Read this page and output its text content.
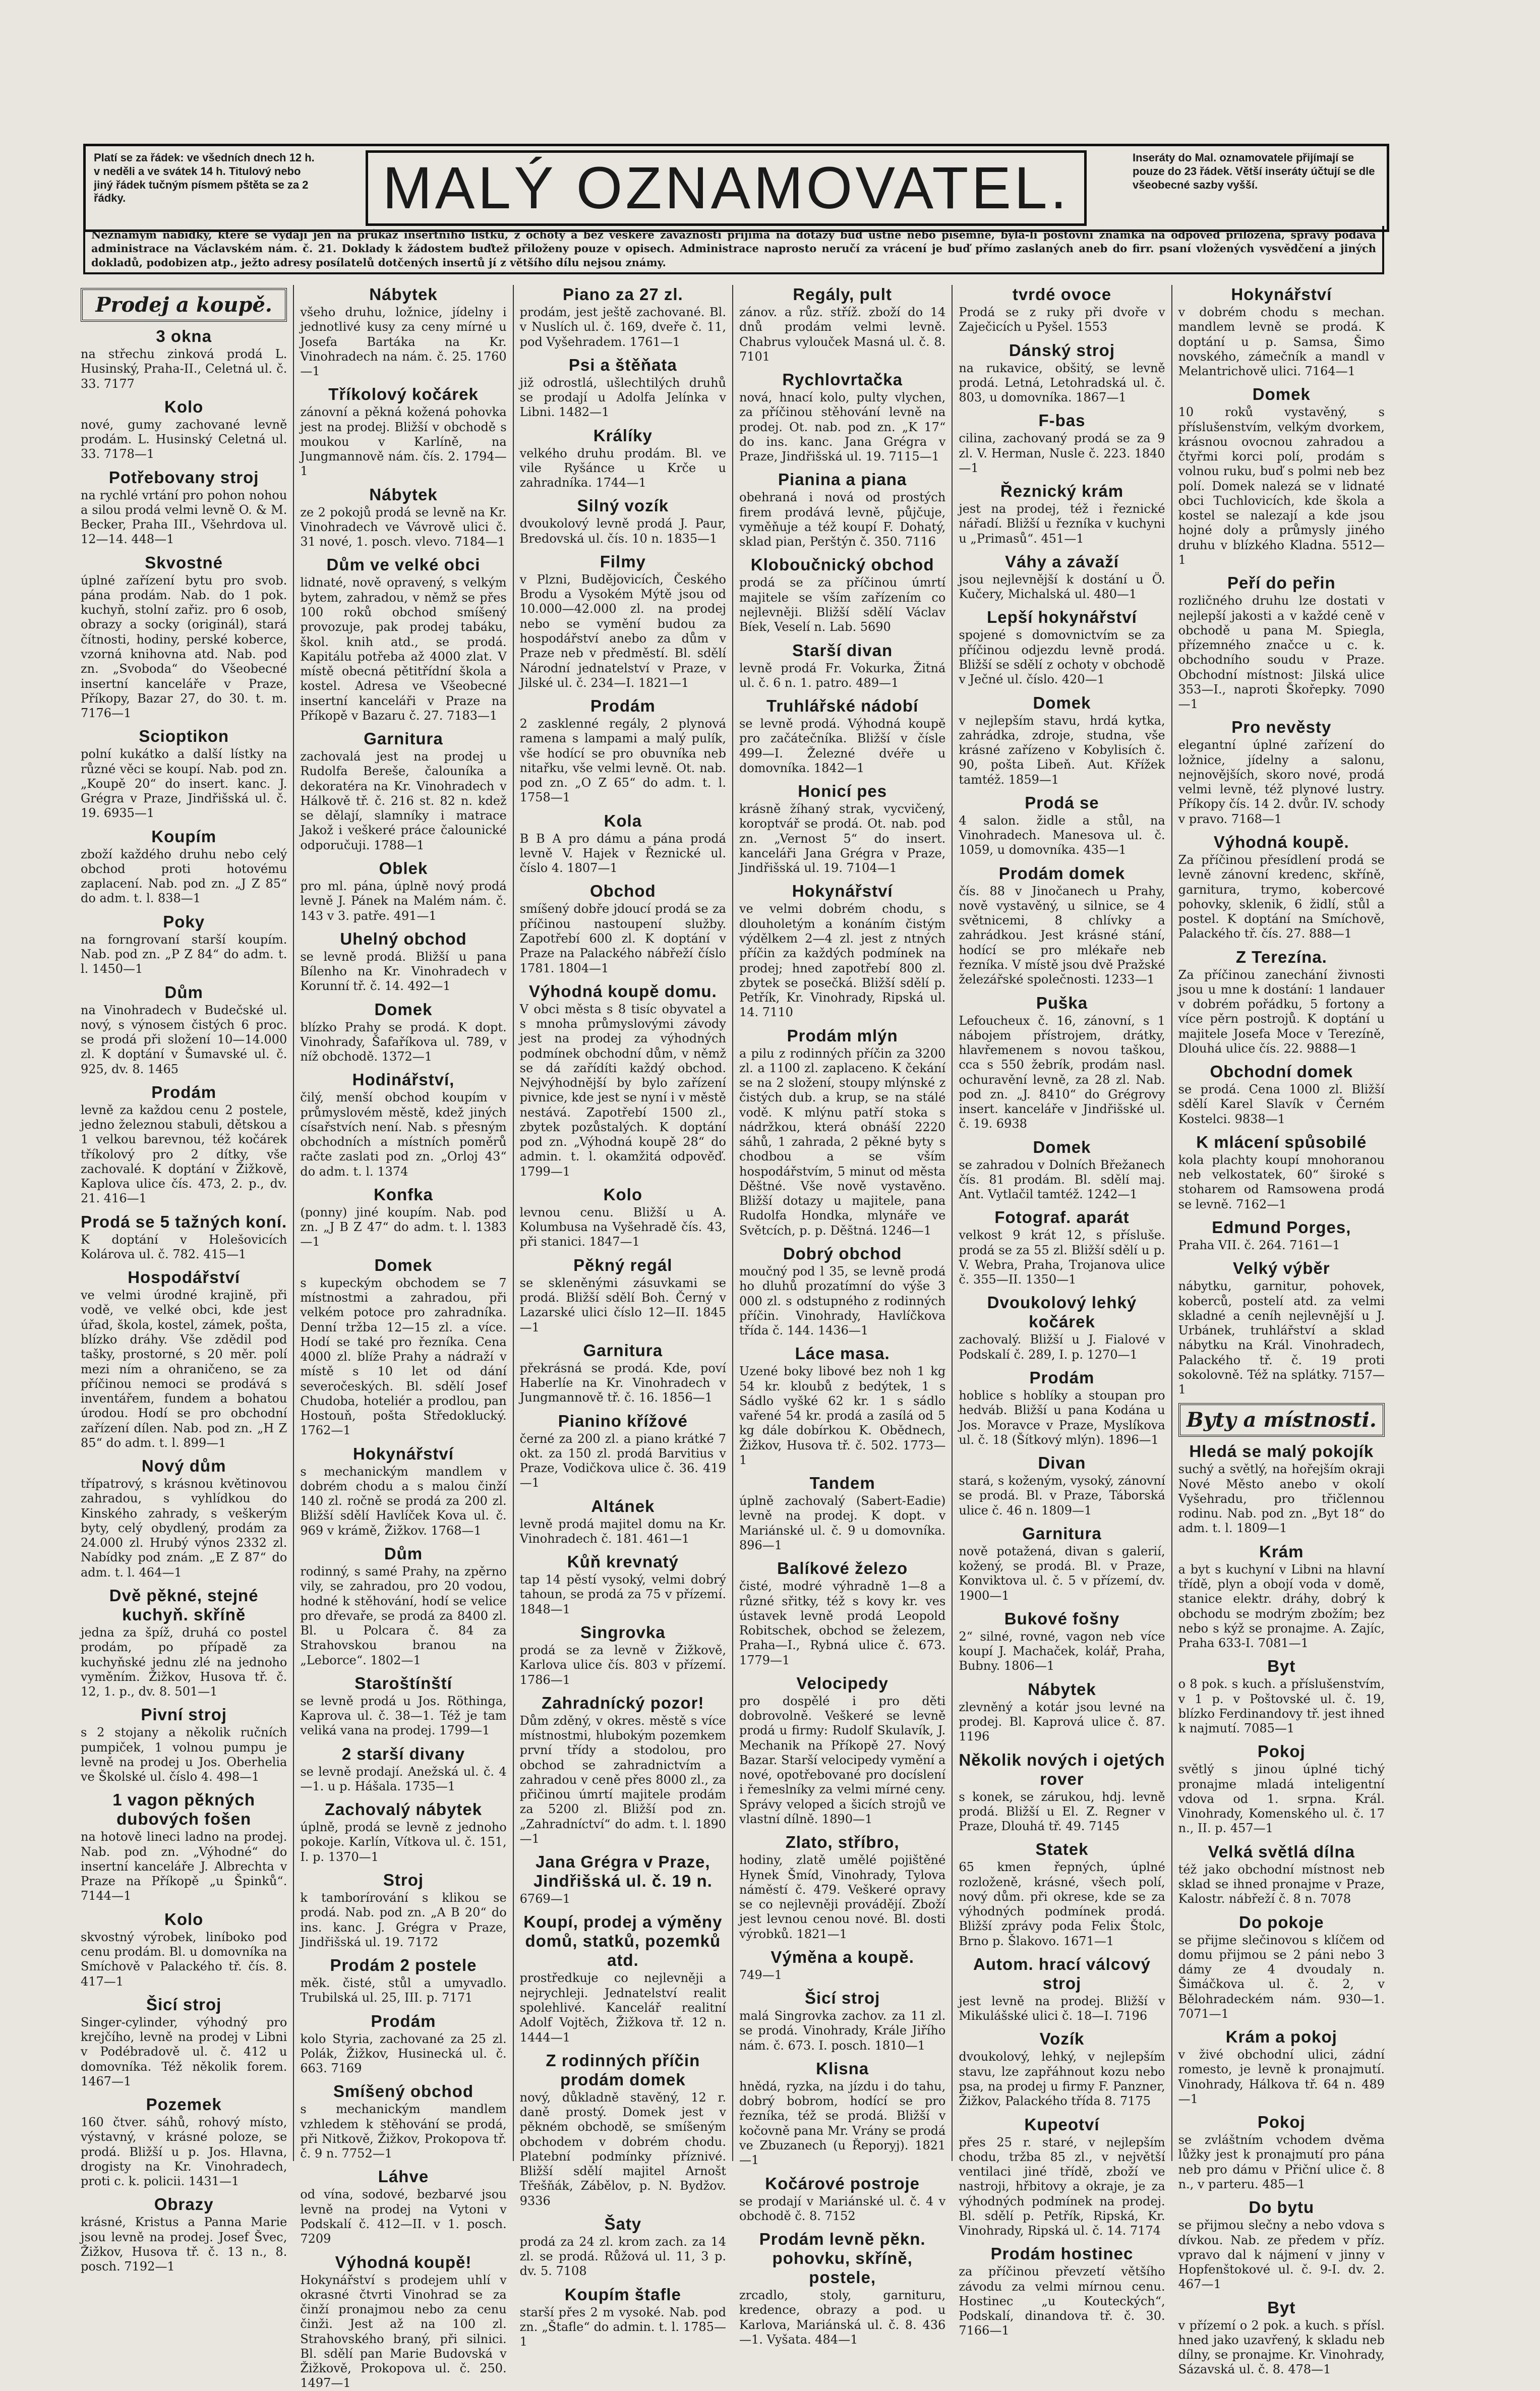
Platí se za řádek: ve všedních dnech 12 h. v neděli a ve svátek 14 h. Titulový nebo jiný řádek tučným písmem pštěta se za 2 řádky.	MALÝ OZNAMOVATEL.	Inseráty do Mal. oznamovatele přijímají se pouze do 23 řádek. Větší inseráty účtují se dle všeobecné sazby vyšší.
Neznámým nabídky, které se vydají jen na průkaz insertního lístku, z ochoty a bez veškeré závaznosti přijímá na dotazy buď ústně nebo písemně, byla-li poštovní známka na odpověď přiložena, správy podává administrace na Václavském nám. č. 21. Doklady k žádostem buďtež přiloženy pouze v opisech. Administrace naprosto neručí za vrácení je buď přímo zaslaných aneb do firr. psaní vložených vysvědčení a jiných dokladů, podobizen atp., ježto adresy posílatelů dotčených insertů jí z většího dílu nejsou známy.
Prodej a koupě.
3 okna

na střechu zinková prodá L. Husinský, Praha-II., Celetná ul. č. 33. 7177

Kolo

nové, gumy zachované levně prodám. L. Husinský Celetná ul. 33. 7178—1

Potřebovany stroj

na rychlé vrtání pro pohon nohou a silou prodá velmi levně O. & M. Becker, Praha III., Všehrdova ul. 12—14. 448—1

Skvostné

úplné zařízení bytu pro svob. pána prodám. Nab. do 1 pok. kuchyň, stolní zařiz. pro 6 osob, obrazy a socky (originál), stará čítnosti, hodiny, perské koberce, vzorná knihovna atd. Nab. pod zn. „Svoboda“ do Všeobecné insertní kanceláře v Praze, Příkopy, Bazar 27, do 30. t. m. 7176—1

Scioptikon

polní kukátko a další lístky na různé věci se koupí. Nab. pod zn. „Koupě 20“ do insert. kanc. J. Grégra v Praze, Jindřišská ul. č. 19. 6935—1

Koupím

zboží každého druhu nebo celý obchod proti hotovému zaplacení. Nab. pod zn. „J Z 85“ do adm. t. l. 838—1

Poky

na forngrovaní starší koupím. Nab. pod zn. „P Z 84“ do adm. t. l. 1450—1

Dům

na Vinohradech v Budečské ul. nový, s výnosem čistých 6 proc. se prodá při složení 10—14.000 zl. K doptání v Šumavské ul. č. 925, dv. 8. 1465

Prodám

levně za každou cenu 2 postele, jedno železnou stabuli, dětskou a 1 velkou barevnou, též kočárek tříkolový pro 2 dítky, vše zachovalé. K doptání v Žižkově, Kaplova ulice čís. 473, 2. p., dv. 21. 416—1

Prodá se 5 tažných koní.

K doptání v Holešovicích Kolárova ul. č. 782. 415—1

Hospodářství

ve velmi úrodné krajině, při vodě, ve velké obci, kde jest úřad, škola, kostel, zámek, pošta, blízko dráhy. Vše zdědil pod tašky, prostorné, s 20 měr. polí mezi ním a ohraničeno, se za příčinou nemoci se prodává s inventářem, fundem a bohatou úrodou. Hodí se pro obchodní zařízení dílen. Nab. pod zn. „H Z 85“ do adm. t. l. 899—1

Nový dům

třípatrový, s krásnou květinovou zahradou, s vyhlídkou do Kinského zahrady, s veškerým byty, celý obydlený, prodám za 24.000 zl. Hrubý výnos 2332 zl. Nabídky pod znám. „E Z 87“ do adm. t. l. 464—1

Dvě pěkné, stejné kuchyň. skříně

jedna za špíž, druhá co postel prodám, po případě za kuchyňské jednu zlé na jednoho vyměním. Žižkov, Husova tř. č. 12, 1. p., dv. 8. 501—1

Pivní stroj

s 2 stojany a několik ručních pumpiček, 1 volnou pumpu je levně na prodej u Jos. Oberhelia ve Školské ul. číslo 4. 498—1

1 vagon pěkných dubových fošen

na hotově lineci ladno na prodej. Nab. pod zn. „Výhodné“ do insertní kanceláře J. Albrechta v Praze na Příkopě „u Špinků“. 7144—1

Kolo

skvostný výrobek, liníboko pod cenu prodám. Bl. u domovníka na Smíchově v Palackého tř. čís. 8. 417—1

Šicí stroj

Singer-cylinder, výhodný pro krejčího, levně na prodej v Libni v Podébradově ul. č. 412 u domovníka. Též několik forem. 1467—1

Pozemek

160 čtver. sáhů, rohový místo, výstavný, v krásné poloze, se prodá. Bližší u p. Jos. Hlavna, drogisty na Kr. Vinohradech, proti c. k. policii. 1431—1

Obrazy

krásné, Kristus a Panna Marie jsou levně na prodej. Josef Švec, Žižkov, Husova tř. č. 13 n., 8. posch. 7192—1

Nábytek

všeho druhu, ložnice, jídelny i jednotlivé kusy za ceny mírné u Josefa Bartáka na Kr. Vinohradech na nám. č. 25. 1760—1

Tříkolový kočárek

zánovní a pěkná kožená pohovka jest na prodej. Bližší v obchodě s moukou v Karlíně, na Jungmannově nám. čís. 2. 1794—1

Nábytek

ze 2 pokojů prodá se levně na Kr. Vinohradech ve Vávrově ulici č. 31 nové, 1. posch. vlevo. 7184—1

Dům ve velké obci

lidnaté, nově opravený, s velkým bytem, zahradou, v němž se přes 100 roků obchod smíšený provozuje, pak prodej tabáku, škol. knih atd., se prodá. Kapitálu potřeba až 4000 zlat. V místě obecná pětitřídní škola a kostel. Adresa ve Všeobecné insertní kanceláři v Praze na Příkopě v Bazaru č. 27. 7183—1

Garnitura

zachovalá jest na prodej u Rudolfa Bereše, čalouníka a dekoratéra na Kr. Vinohradech v Hálkově tř. č. 216 st. 82 n. kdež se dělají, slamníky i matrace Jakož i veškeré práce čalounické odporučuji. 1788—1

Oblek

pro ml. pána, úplně nový prodá levně J. Pánek na Malém nám. č. 143 v 3. patře. 491—1

Uhelný obchod

se levně prodá. Bližší u pana Bílenho na Kr. Vinohradech v Korunní tř. č. 14. 492—1

Domek

blízko Prahy se prodá. K dopt. Vinohrady, Šafaříkova ul. 789, v níž obchodě. 1372—1

Hodinářství,

čilý, menší obchod koupím v průmyslovém městě, kdež jiných císařstvích není. Nab. s přesným obchodních a místních poměrů račte zaslati pod zn. „Orloj 43“ do adm. t. l. 1374

Konfka

(ponny) jiné koupím. Nab. pod zn. „J B Z 47“ do adm. t. l. 1383—1

Domek

s kupeckým obchodem se 7 místnostmi a zahradou, při velkém potoce pro zahradníka. Denní tržba 12—15 zl. a více. Hodí se také pro řezníka. Cena 4000 zl. blíže Prahy a nádraží v místě s 10 let od dání severočeských. Bl. sdělí Josef Chudoba, hoteliér a prodlou, pan Hostouň, pošta Středoklucký. 1762—1

Hokynářství

s mechanickým mandlem v dobrém chodu a s malou činží 140 zl. ročně se prodá za 200 zl. Bližší sdělí Havlíček Kova ul. č. 969 v krámě, Žižkov. 1768—1

Dům

rodinný, s samé Prahy, na zpěrno vily, se zahradou, pro 20 vodou, hodné k stěhování, hodí se velice pro dřevaře, se prodá za 8400 zl. Bl. u Polcara č. 84 za Strahovskou branou na „Leborce“. 1802—1

Staroštínští

se levně prodá u Jos. Röthinga, Kaprova ul. č. 38—1. Též je tam veliká vana na prodej. 1799—1

2 starší divany

se levně prodají. Anežská ul. č. 4—1. u p. Hášala. 1735—1

Zachovalý nábytek

úplně, prodá se levně z jednoho pokoje. Karlín, Vítkova ul. č. 151, I. p. 1370—1

Stroj

k tamborírování s klikou se prodá. Nab. pod zn. „A B 20“ do ins. kanc. J. Grégra v Praze, Jindřišská ul. 19. 7172

Prodám 2 postele

měk. čisté, stůl a umyvadlo. Trubilská ul. 25, III. p. 7171

Prodám

kolo Styria, zachované za 25 zl. Polák, Žižkov, Husinecká ul. č. 663. 7169

Smíšený obchod

s mechanickým mandlem vzhledem k stěhování se prodá, při Nitkově, Žižkov, Prokopova tř. č. 9 n. 7752—1

Láhve

od vína, sodové, bezbarvé jsou levně na prodej na Vytoni v Podskalí č. 412—II. v 1. posch. 7209

Výhodná koupě!

Hokynářství s prodejem uhlí v okrasné čtvrti Vinohrad se za činží pronajmou nebo za cenu činži. Jest až na 100 zl. Strahovského braný, při silnici. Bl. sdělí pan Marie Budovská v Žižkově, Prokopova ul. č. 250. 1497—1

Piano za 27 zl.

prodám, jest ještě zachované. Bl. v Nuslích ul. č. 169, dveře č. 11, pod Vyšehradem. 1761—1

Psi a štěňata

již odrostlá, ušlechtilých druhů se prodají u Adolfa Jelínka v Libni. 1482—1

Králíky

velkého druhu prodám. Bl. ve vile Ryšánce u Krče u zahradníka. 1744—1

Silný vozík

dvoukolový levně prodá J. Paur, Bredovská ul. čís. 10 n. 1835—1

Filmy

v Plzni, Budějovicích, Českého Brodu a Vysokém Mýtě jsou od 10.000—42.000 zl. na prodej nebo se vymění budou za hospodářství anebo za dům v Praze neb v předměstí. Bl. sdělí Národní jednatelství v Praze, v Jilské ul. č. 234—I. 1821—1

Prodám

2 zasklenné regály, 2 plynová ramena s lampami a malý pulík, vše hodící se pro obuvníka neb nitařku, vše velmi levně. Ot. nab. pod zn. „O Z 65“ do adm. t. l. 1758—1

Kola

B B A pro dámu a pána prodá levně V. Hajek v Řeznické ul. číslo 4. 1807—1

Obchod

smíšený dobře jdoucí prodá se za příčinou nastoupení služby. Zapotřebí 600 zl. K doptání v Praze na Palackého nábřeží číslo 1781. 1804—1

Výhodná koupě domu.

V obci města s 8 tisíc obyvatel a s mnoha průmyslovými závody jest na prodej za výhodných podmínek obchodní dům, v němž se dá zařídíti každý obchod. Nejvýhodnější by bylo zařízení pivnice, kde jest se nyní i v městě nestává. Zapotřebí 1500 zl., zbytek pozůstalých. K doptání pod zn. „Výhodná koupě 28“ do admin. t. l. okamžitá odpověď. 1799—1

Kolo

levnou cenu. Bližší u A. Kolumbusa na Vyšehradě čís. 43, při stanici. 1847—1

Pěkný regál

se skleněnými zásuvkami se prodá. Bližší sdělí Boh. Černý v Lazarské ulici číslo 12—II. 1845—1

Garnitura

překrásná se prodá. Kde, poví Haberlíe na Kr. Vinohradech v Jungmannově tř. č. 16. 1856—1

Pianino křížové

černé za 200 zl. a piano krátké 7 okt. za 150 zl. prodá Barvitius v Praze, Vodičkova ulice č. 36. 419—1

Altánek

levně prodá majitel domu na Kr. Vinohradech č. 181. 461—1

Kůň krevnatý

tap 14 pěstí vysoký, velmi dobrý tahoun, se prodá za 75 v přízemí. 1848—1

Singrovka

prodá se za levně v Žižkově, Karlova ulice čís. 803 v přízemí. 1786—1

Zahradnícký pozor!

Dům zděný, v okres. městě s více místnostmi, hlubokým pozemkem první třídy a stodolou, pro obchod se zahradnictvím a zahradou v ceně přes 8000 zl., za přičinou úmrtí majitele prodám za 5200 zl. Bližší pod zn. „Zahradníctví“ do adm. t. l. 1890—1

Jana Grégra v Praze, Jindřišská ul. č. 19 n.

6769—1

Koupí, prodej a výměny domů, statků, pozemků atd.

prostředkuje co nejlevněji a nejrychleji. Jednatelství realit spolehlivé. Kancelář realitní Adolf Vojtěch, Žižkova tř. 12 n. 1444—1

Z rodinných příčin prodám domek

nový, důkladně stavěný, 12 r. daně prostý. Domek jest v pěkném obchodě, se smíšeným obchodem v dobrém chodu. Platební podmínky příznivé. Bližší sdělí majitel Arnošt Třešňák, Zábělov, p. N. Bydžov. 9336

Šaty

prodá za 24 zl. krom zach. za 14 zl. se prodá. Růžová ul. 11, 3 p. dv. 5. 7108

Koupím štafle

starší přes 2 m vysoké. Nab. pod zn. „Štafle“ do admin. t. l. 1785—1

Regály, pult

zánov. a růz. stříž. zboží do 14 dnů prodám velmi levně. Chabrus vylouček Masná ul. č. 8. 7101

Rychlovrtačka

nová, hnací kolo, pulty vlychen, za příčinou stěhování levně na prodej. Ot. nab. pod zn. „K 17“ do ins. kanc. Jana Grégra v Praze, Jindřišská ul. 19. 7115—1

Pianina a piana

obehraná i nová od prostých firem prodává levně, půjčuje, vyměňuje a též koupí F. Dohatý, sklad pian, Perštýn č. 350. 7116

Kloboučnický obchod

prodá se za příčinou úmrtí majitele se vším zařízením co nejlevněji. Bližší sdělí Václav Bíek, Veselí n. Lab. 5690

Starší divan

levně prodá Fr. Vokurka, Žitná ul. č. 6 n. 1. patro. 489—1

Truhlářské nádobí

se levně prodá. Výhodná koupě pro začátečníka. Bližší v čísle 499—I. Železné dvéře u domovníka. 1842—1

Honicí pes

krásně žíhaný strak, vycvičený, koroptvář se prodá. Ot. nab. pod zn. „Vernost 5“ do insert. kanceláři Jana Grégra v Praze, Jindřišská ul. 19. 7104—1

Hokynářství

ve velmi dobrém chodu, s dlouholetým a konáním čistým výdělkem 2—4 zl. jest z ntných příčin za každých podmínek na prodej; hned zapotřebí 800 zl. zbytek se posečká. Bližší sdělí p. Petřík, Kr. Vinohrady, Ripská ul. 14. 7110

Prodám mlýn

a pilu z rodinných příčin za 3200 zl. a 1100 zl. zaplaceno. K čekání se na 2 složení, stoupy mlýnské z čistých dub. a krup, se na stálé vodě. K mlýnu patří stoka s nádržkou, která obnáší 2220 sáhů, 1 zahrada, 2 pěkné byty s chodbou a se vším hospodářstvím, 5 minut od města Děštné. Vše nově vystavěno. Bližší dotazy u majitele, pana Rudolfa Hondka, mlynáře ve Světcích, p. p. Děštná. 1246—1

Dobrý obchod

moučný pod l 35, se levně prodá ho dluhů prozatímní do výše 3 000 zl. s odstupného z rodinných příčin. Vinohrady, Havlíčkova třída č. 144. 1436—1

Láce masa.

Uzené boky libové bez noh 1 kg 54 kr. kloubů z bedýtek, 1 s Sádlo vyšké 62 kr. 1 s sádlo vařené 54 kr. prodá a zasílá od 5 kg dále dobírkou K. Obědnech, Žižkov, Husova tř. č. 502. 1773—1

Tandem

úplně zachovalý (Sabert-Eadie) levně na prodej. K dopt. v Mariánské ul. č. 9 u domovníka. 896—1

Balíkové železo

čisté, modré výhradně 1—8 a různé sřitky, též s kovy kr. ves ústavek levně prodá Leopold Robitschek, obchod se železem, Praha—I., Rybná ulice č. 673. 1779—1

Velocipedy

pro dospělé i pro děti dobrovolně. Veškeré se levně prodá u firmy: Rudolf Skulavík, J. Mechanik na Příkopě 27. Nový Bazar. Starší velocipedy vymění a nové, opotřebované pro docíslení i řemeslníky za velmi mírné ceny. Správy veloped a šicích strojů ve vlastní dílně. 1890—1

Zlato, stříbro,

hodiny, zlatě umělé pojištěné Hynek Šmíd, Vinohrady, Tylova náměstí č. 479. Veškeré opravy se co nejlevněji provádějí. Zboží jest levnou cenou nové. Bl. dosti výrobků. 1821—1

Výměna a koupě.

749—1

Šicí stroj

malá Singrovka zachov. za 11 zl. se prodá. Vinohrady, Krále Jiřího nám. č. 673. I. posch. 1810—1

Klisna

hnědá, ryzka, na jízdu i do tahu, dobrý bobrom, hodící se pro řezníka, též se prodá. Bližší v kočovně pana Mr. Vrány se prodá ve Zbuzanech (u Řeporyj). 1821—1

Kočárové postroje

se prodají v Mariánské ul. č. 4 v obchodě č. 8. 7152

Prodám levně pěkn. pohovku, skříně, postele,

zrcadlo, stoly, garnituru, kredence, obrazy a pod. u Karlova, Mariánská ul. č. 8. 436—1. Vyšata. 484—1

tvrdé ovoce

Prodá se z ruky při dvoře v Zaječicích u Pyšel. 1553

Dánský stroj

na rukavice, obšitý, se levně prodá. Letná, Letohradská ul. č. 803, u domovníka. 1867—1

F-bas

cilina, zachovaný prodá se za 9 zl. V. Herman, Nusle č. 223. 1840—1

Řeznický krám

jest na prodej, též i řeznické nářadí. Bližší u řezníka v kuchyni u „Primasů“. 451—1

Váhy a závaží

jsou nejlevnější k dostání u Ö. Kučery, Michalská ul. 480—1

Lepší hokynářství

spojené s domovnictvím se za příčinou odjezdu levně prodá. Bližší se sdělí z ochoty v obchodě v Ječné ul. číslo. 420—1

Domek

v nejlepším stavu, hrdá kytka, zahrádka, zdroje, studna, vše krásné zařízeno v Kobylisích č. 90, pošta Libeň. Aut. Křížek tamtéž. 1859—1

Prodá se

4 salon. židle a stůl, na Vinohradech. Manesova ul. č. 1059, u domovníka. 435—1

Prodám domek

čís. 88 v Jinočanech u Prahy, nově vystavěný, u silnice, se 4 světnicemi, 8 chlívky a zahrádkou. Jest krásné stání, hodící se pro mlékaře neb řezníka. V místě jsou dvě Pražské železářské společnosti. 1233—1

Puška

Lefoucheux č. 16, zánovní, s 1 nábojem přístrojem, drátky, hlavřemenem s novou taškou, cca s 550 žebrík, prodám nasl. ochuravění levně, za 28 zl. Nab. pod zn. „J. 8410“ do Grégrovy insert. kanceláře v Jindřišské ul. č. 19. 6938

Domek

se zahradou v Dolních Břežanech čís. 81 prodám. Bl. sdělí maj. Ant. Vytlačil tamtéž. 1242—1

Fotograf. aparát

velkost 9 krát 12, s přísluše. prodá se za 55 zl. Bližší sdělí u p. V. Webra, Praha, Trojanova ulice č. 355—II. 1350—1

Dvoukolový lehký kočárek

zachovalý. Bližší u J. Fialové v Podskalí č. 289, I. p. 1270—1

Prodám

hoblice s hoblíky a stoupan pro hedváb. Bližší u pana Kodána u Jos. Moravce v Praze, Myslíkova ul. č. 18 (Šítkový mlýn). 1896—1

Divan

stará, s koženým, vysoký, zánovní se prodá. Bl. v Praze, Táborská ulice č. 46 n. 1809—1

Garnitura

nově potažená, divan s galerií, kožený, se prodá. Bl. v Praze, Konviktova ul. č. 5 v přízemí, dv. 1900—1

Bukové fošny

2“ silné, rovné, vagon neb více koupí J. Machaček, kolář, Praha, Bubny. 1806—1

Nábytek

zlevněný a kotár jsou levné na prodej. Bl. Kaprová ulice č. 87. 1196

Několik nových i ojetých rover

s konek, se zárukou, hdj. levně prodá. Bližší u El. Z. Regner v Praze, Dlouhá tř. 49. 7145

Statek

65 kmen řepných, úplné rozloženě, krásné, všech polí, nový dům. při okrese, kde se za výhodných podmínek prodá. Bližší zprávy poda Felix Štolc, Brno p. Šlakovo. 1671—1

Autom. hrací válcový stroj

jest levně na prodej. Bližší v Mikulášské ulici č. 18—I. 7196

Vozík

dvoukolový, lehký, v nejlepším stavu, lze zapřáhnout kozu nebo psa, na prodej u firmy F. Panzner, Žižkov, Palackého třída 8. 7175

Kupeotví

přes 25 r. staré, v nejlepším chodu, tržba 85 zl., v největší ventilaci jiné třídě, zboží ve nastroji, hřbitovy a okraje, je za výhodných podmínek na prodej. Bl. sdělí p. Petřík, Ripská, Kr. Vinohrady, Ripská ul. č. 14. 7174

Prodám hostinec

za příčinou převzetí většího závodu za velmi mírnou cenu. Hostinec „u Kouteckých“, Podskalí, dinandova tř. č. 30. 7166—1

Hokynářství

v dobrém chodu s mechan. mandlem levně se prodá. K doptání u p. Samsa, Šimo novského, zámečník a mandl v Melantrichově ulici. 7164—1

Domek

10 roků vystavěný, s příslušenstvím, velkým dvorkem, krásnou ovocnou zahradou a čtyřmi korci polí, prodám s volnou ruku, buď s polmi neb bez polí. Domek nalezá se v lidnaté obci Tuchlovicích, kde škola a kostel se nalezají a kde jsou hojné doly a průmysly jiného druhu v blízkého Kladna. 5512—1

Peří do peřin

rozličného druhu lze dostati v nejlepší jakosti a v každé ceně v obchodě u pana M. Spiegla, přízemného značce u c. k. obchodního soudu v Praze. Obchodní místnost: Jilská ulice 353—I., naproti Škořepky. 7090—1

Pro nevěsty

elegantní úplné zařízení do ložnice, jídelny a salonu, nejnovějších, skoro nové, prodá velmi levně, též plynové lustry. Příkopy čís. 14 2. dvůr. IV. schody v pravo. 7168—1

Výhodná koupě.

Za příčinou přesídlení prodá se levně zánovní kredenc, skříně, garnitura, trymo, kobercové pohovky, sklenik, 6 židlí, stůl a postel. K doptání na Smíchově, Palackého tř. čís. 27. 888—1

Z Terezína.

Za příčinou zanechání živnosti jsou u mne k dostání: 1 landauer v dobrém pořádku, 5 fortony a více pěrn postrojů. K doptání u majitele Josefa Moce v Terezíně, Dlouhá ulice čís. 22. 9888—1

Obchodní domek

se prodá. Cena 1000 zl. Bližší sdělí Karel Slavík v Černém Kostelci. 9838—1

K mlácení spůsobilé

kola plachty koupí mnohoranou neb velkostatek, 60“ široké s stoharem od Ramsowena prodá se levně. 7162—1

Edmund Porges,

Praha VII. č. 264. 7161—1

Velký výběr

nábytku, garnitur, pohovek, koberců, postelí atd. za velmi skladné a ceníh nejlevnější u J. Urbánek, truhlářství a sklad nábytku na Král. Vinohradech, Palackého tř. č. 19 proti sokolovně. Též na splátky. 7157—1

Byty a místnosti.
Hledá se malý pokojík

suchý a světlý, na hořejším okraji Nové Město anebo v okolí Vyšehradu, pro třičlennou rodinu. Nab. pod zn. „Byt 18“ do adm. t. l. 1809—1

Krám

a byt s kuchyní v Libni na hlavní třídě, plyn a obojí voda v domě, stanice elektr. dráhy, dobrý k obchodu se modrým zbožím; bez nebo s kýž se pronajme. A. Zajíc, Praha 633-I. 7081—1

Byt

o 8 pok. s kuch. a příslušenstvím, v 1 p. v Poštovské ul. č. 19, blízko Ferdinandovy tř. jest ihned k najmutí. 7085—1

Pokoj

světlý s jinou úplné tichý pronajme mladá inteligentní vdova od 1. srpna. Král. Vinohrady, Komenského ul. č. 17 n., II. p. 457—1

Velká světlá dílna

též jako obchodní místnost neb sklad se ihned pronajme v Praze, Kalostr. nábřeží č. 8 n. 7078

Do pokoje

se přijme slečinovou s klíčem od domu přijmou se 2 páni nebo 3 dámy ze 4 dvoudaly n. Šimáčkova ul. č. 2, v Bělohradeckém nám. 930—1. 7071—1

Krám a pokoj

v živé obchodní ulici, zádní romesto, je levně k pronajmutí. Vinohrady, Hálkova tř. 64 n. 489—1

Pokoj

se zvláštním vchodem dvěma lůžky jest k pronajmutí pro pána neb pro dámu v Přiční ulice č. 8 n., v parteru. 485—1

Do bytu

se přijmou slečny a nebo vdova s dívkou. Nab. ze předem v příz. vpravo dal k nájmení v jinny v Hopfenštokové ul. č. 9-I. dv. 2. 467—1

Byt

v přízemí o 2 pok. a kuch. s přísl. hned jako uzavřený, k skladu neb dílny, se pronajme. Kr. Vinohrady, Sázavská ul. č. 8. 478—1
